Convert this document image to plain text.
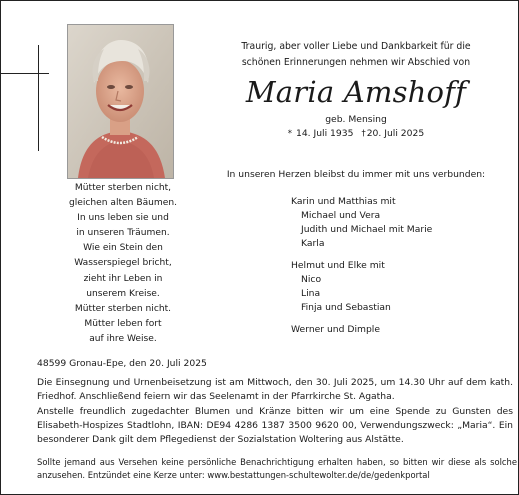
Mütter sterben nicht,
gleichen alten Bäumen.
In uns leben sie und
in unseren Träumen.
Wie ein Stein den
Wasserspiegel bricht,
zieht ihr Leben in
unserem Kreise.
Mütter sterben nicht.
Mütter leben fort
auf ihre Weise.
Traurig, aber voller Liebe und Dankbarkeit für die
schönen Erinnerungen nehmen wir Abschied von
Maria Amshoff
geb. Mensing
* 14. Juli 1935 †20. Juli 2025
In unseren Herzen bleibst du immer mit uns verbunden:
Karin und Matthias mit
Michael und Vera
Judith und Michael mit Marie
Karla
Helmut und Elke mit
Nico
Lina
Finja und Sebastian
Werner und Dimple
48599 Gronau-Epe, den 20. Juli 2025
Die Einsegnung und Urnenbeisetzung ist am Mittwoch, den 30. Juli 2025, um 14.30 Uhr auf dem kath. Friedhof. Anschließend feiern wir das Seelenamt in der Pfarrkirche St. Agatha.
Anstelle freundlich zugedachter Blumen und Kränze bitten wir um eine Spende zu Gunsten des Elisabeth-Hospizes Stadtlohn, IBAN: DE94 4286 1387 3500 9620 00, Verwendungszweck: „Maria“. Ein besonderer Dank gilt dem Pflegedienst der Sozialstation Woltering aus Alstätte.
Sollte jemand aus Versehen keine persönliche Benachrichtigung erhalten haben, so bitten wir diese als solche anzusehen. Entzündet eine Kerze unter: www.bestattungen-schultewolter.de/de/gedenkportal
